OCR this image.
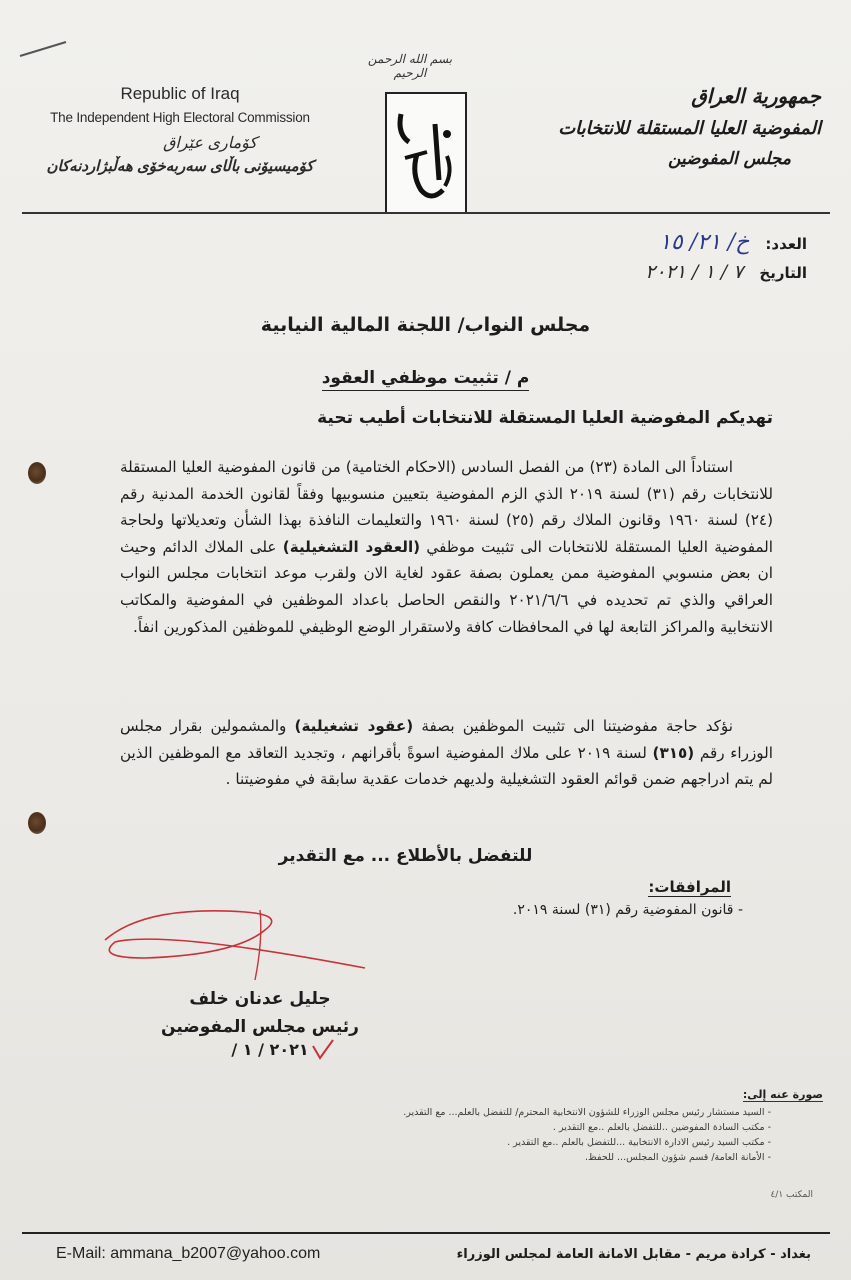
Republic of Iraq
The Independent High Electoral Commission
كۆماری عێراق
كۆمیسیۆنی باڵای سەربەخۆی هەڵبژاردنەكان
بسم الله الرحمن الرحيم
جمهورية العراق
المفوضية العليا المستقلة للانتخابات
مجلس المفوضين
العدد:
خ/ ٢١/ ١٥
التاريخ
٧ / ١ / ٢٠٢١
مجلس النواب/ اللجنة المالية النيابية
م / تثبيت موظفي العقود
تهديكم المفوضية العليا المستقلة للانتخابات أطيب تحية
استناداً الى المادة (٢٣) من الفصل السادس (الاحكام الختامية) من قانون المفوضية العليا المستقلة للانتخابات رقم (٣١) لسنة ٢٠١٩ الذي الزم المفوضية بتعيين منسوبيها وفقاً لقانون الخدمة المدنية رقم (٢٤) لسنة ١٩٦٠ وقانون الملاك رقم (٢٥) لسنة ١٩٦٠ والتعليمات النافذة بهذا الشأن وتعديلاتها ولحاجة المفوضية العليا المستقلة للانتخابات الى تثبيت موظفي (العقود التشغيلية) على الملاك الدائم وحيث ان بعض منسوبي المفوضية ممن يعملون بصفة عقود لغاية الان ولقرب موعد انتخابات مجلس النواب العراقي والذي تم تحديده في ٢٠٢١/٦/٦ والنقص الحاصل باعداد الموظفين في المفوضية والمكاتب الانتخابية والمراكز التابعة لها في المحافظات كافة ولاستقرار الوضع الوظيفي للموظفين المذكورين انفاً.
نؤكد حاجة مفوضيتنا الى تثبيت الموظفين بصفة (عقود تشغيلية) والمشمولين بقرار مجلس الوزراء رقم (٣١٥) لسنة ٢٠١٩ على ملاك المفوضية اسوةً بأقرانهم ، وتجديد التعاقد مع الموظفين الذين لم يتم ادراجهم ضمن قوائم العقود التشغيلية ولديهم خدمات عقدية سابقة في مفوضيتنا .
للتفضل بالأطلاع ... مع التقدير
المرافقات:
- قانون المفوضية رقم (٣١) لسنة ٢٠١٩.
جليل عدنان خلف
رئيس مجلس المفوضين
٢٠٢١ / ١ /
صورة عنه إلى:
- السيد مستشار رئيس مجلس الوزراء للشؤون الانتخابية المحترم/ للتفضل بالعلم... مع التقدير.
- مكتب السادة المفوضين ..للتفضل بالعلم ..مع التقدير .
- مكتب السيد رئيس الادارة الانتخابية ...للتفضل بالعلم ..مع التقدير .
- الأمانة العامة/ قسم شؤون المجلس... للحفظ.
المكتب ٤/١
E-Mail: ammana_b2007@yahoo.com	بغداد - كرادة مريم - مقابل الامانة العامة لمجلس الوزراء
